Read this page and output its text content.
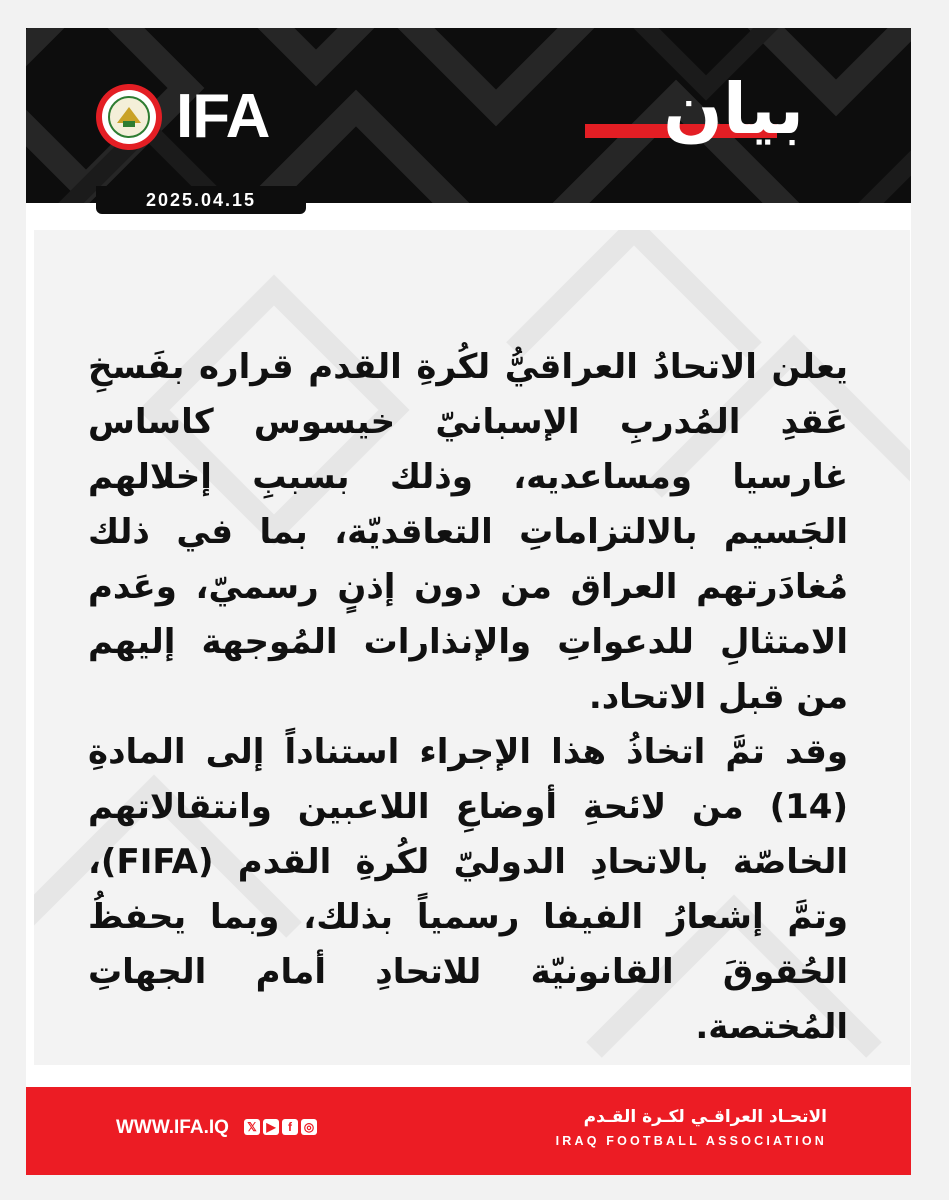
IFA	بيان
2025.04.15

يعلن الاتحادُ العراقيُّ لكُرةِ القدم قراره بفَسخِ عَقدِ المُدربِ الإسبانيّ خيسوس كاساس غارسيا ومساعديه، وذلك بسببِ إخلالهم الجَسيم بالالتزاماتِ التعاقديّة، بما في ذلك مُغادَرتهم العراق من دون إذنٍ رسميّ، وعَدم الامتثالِ للدعواتِ والإنذارات المُوجهة إليهم من قبل الاتحاد.

وقد تمَّ اتخاذُ هذا الإجراء استناداً إلى المادةِ (14) من لائحةِ أوضاعِ اللاعبين وانتقالاتهم الخاصّة بالاتحادِ الدوليّ لكُرةِ القدم (FIFA)، وتمَّ إشعارُ الفيفا رسمياً بذلك، وبما يحفظُ الحُقوقَ القانونيّة للاتحادِ أمام الجهاتِ المُختصة.

WWW.IFA.IQ 𝕏 ▶	f ◎	الاتحـاد العراقـي لكـرة القـدم
IRAQ FOOTBALL ASSOCIATION
